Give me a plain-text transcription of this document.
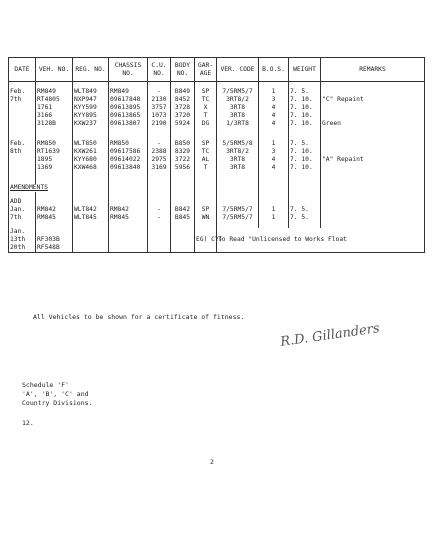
DATE	VEH. NO.	REG. NO.	CHASSIS NO.	C.U. NO.	BODY NO.	GAR-AGE	VER. CODE	B.O.S.	WEIGHT	REMARKS

Feb.	RM849	WLT849	RM849	-	B849	SP	7/5RM5/7	1	7. 5.	
7th	RT4805	NXP947	09617848	2130	8452	TC	3RT8/2	3	7. 10.	"C" Repaint
	1761	KYY599	09613895	3757	3728	X	3RT8	4	7. 10.	
	3166	KYY895	09613865	1073	3720	T	3RT8	4	7. 10.	
	3128B	KXW237	09613807	2190	5924	DG	1/3RT8	4	7. 10.	Green

Feb.	RM850	WLT850	RM850	-	B850	SP	5/5RM5/8	1	7. 5.	
8th	RT1639	KXW261	09617586	2388	8329	TC	3RT8/2	3	7. 10.	
	1895	KYY680	09614022	2975	3722	AL	3RT8	4	7. 10.	"A" Repaint
	1369	KXW468	09613840	3169	5956	T	3RT8	4	7. 10.	

AMENDMENTS										

ADD										
Jan.	RM842	WLT842	RM842	-	B842	SP	7/5RM5/7	1	7. 5.	
7th	RM845	WLT845	RM845	-	B845	WN	7/5RM5/7	1	7. 5.	

Jan.										
13th	RF303B					EG) CY)	To Read "Unlicensed to Works Float			
20th	RF548B									
All Vehicles to be shown for a certificate of fitness.
R.D. Gillanders
Schedule 'F'
'A', 'B', 'C' and
Country Divisions.
12.
2
